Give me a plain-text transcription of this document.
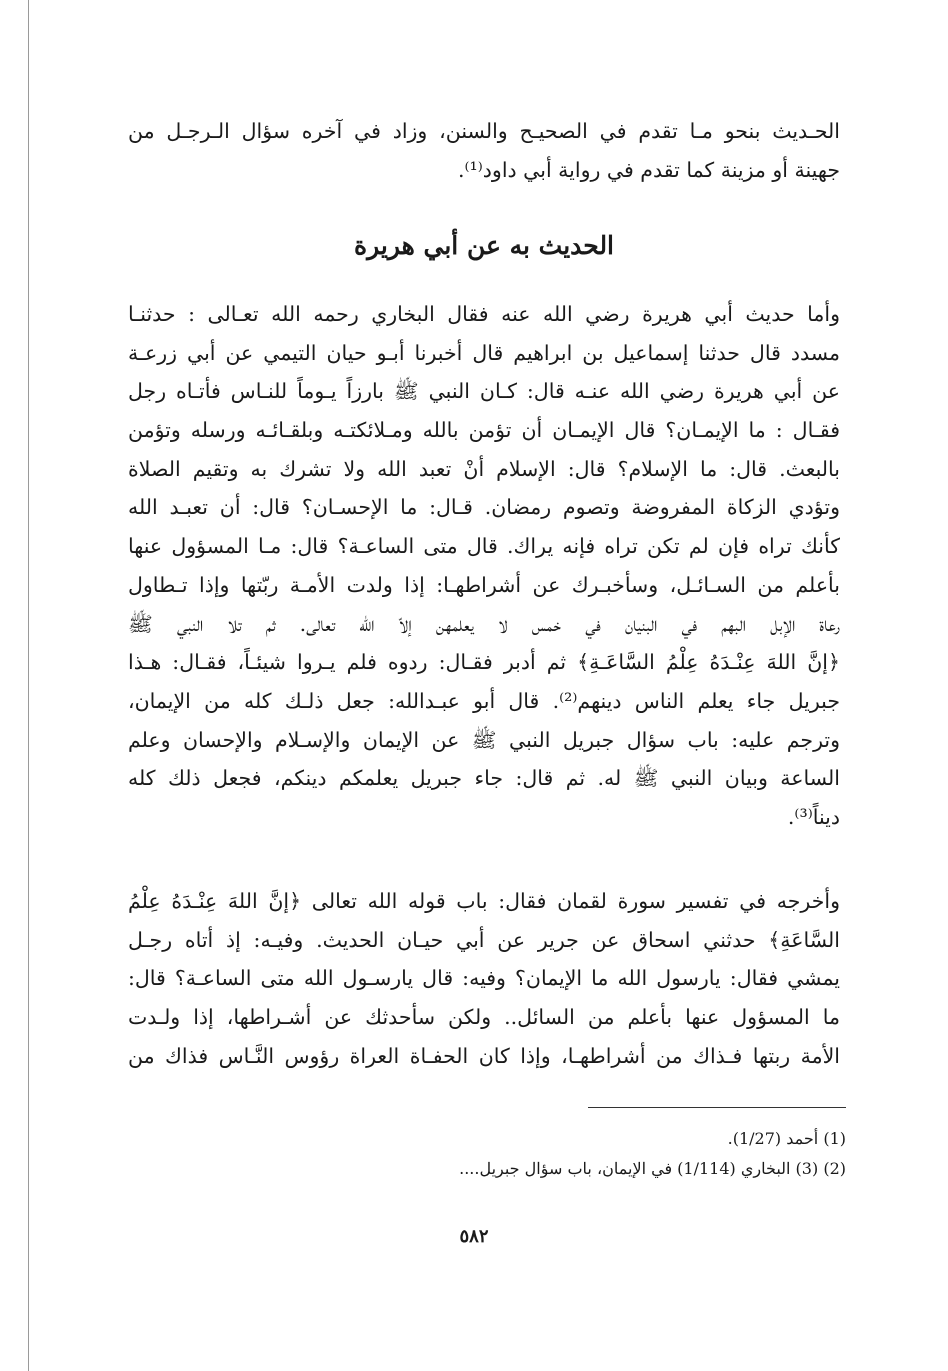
الحـديث بنحو مـا تقدم في الصحيـح والسنن، وزاد في آخره سؤال الـرجـل من
جهينة أو مزينة كما تقدم في رواية أبي داود⁽¹⁾.
الحديث به عن أبي هريرة
وأما حديث أبي هريرة رضي الله عنه فقال البخاري رحمه الله تعـالى : حدثنـا
مسدد قال حدثنا إسماعيل بن ابراهيم قال أخبرنا أبـو حيان التيمي عن أبي زرعـة
عن أبي هريرة رضي الله عنـه قال: كـان النبي ﷺ بارزاً يـوماً للنـاس فأتـاه رجل
فقـال : ما الإيمـان؟ قال الإيمـان أن تؤمن بالله ومـلائكتـه وبلقـائـه ورسله وتؤمن
بالبعث. قال: ما الإسلام؟ قال: الإسلام أنْ تعبد الله ولا تشرك به وتقيم الصلاة
وتؤدي الزكاة المفروضة وتصوم رمضان. قـال: ما الإحسـان؟ قال: أن تعبـد الله
كأنك تراه فإن لم تكن تراه فإنه يراك. قال متى الساعـة؟ قال: مـا المسؤول عنها
بأعلم من السـائـل، وسأخبـرك عن أشراطهـا: إذا ولدت الأمـة ربّتها وإذا تـطاول
رعاة الإبل البهم في البنيان في خمس لا يعلمهن إلاّ الله تعالى. ثم تلا النبي ﷺ
﴿إنَّ اللهَ عِنْـدَهُ عِلْمُ السَّاعَـةِ﴾ ثم أدبر فقـال: ردوه فلم يـروا شيئـاً، فقـال: هـذا
جبريل جاء يعلم الناس دينهم⁽²⁾. قال أبو عبـدالله: جعل ذلـك كله من الإيمان،
وترجم عليه: باب سؤال جبريل النبي ﷺ عن الإيمان والإسـلام والإحسان وعلم
الساعة وبيان النبي ﷺ له. ثم قال: جاء جبريل يعلمكم دينكم، فجعل ذلك كله
ديناً⁽³⁾.
وأخرجه في تفسير سورة لقمان فقال: باب قوله الله تعالى ﴿إنَّ اللهَ عِنْـدَهُ عِلْمُ
السَّاعَةِ﴾ حدثني اسحاق عن جرير عن أبي حيـان الحديث. وفيـه: إذ أتاه رجـل
يمشي فقال: يارسول الله ما الإيمان؟ وفيه: قال يارسـول الله متى الساعـة؟ قال:
ما المسؤول عنها بأعلم من السائل.. ولكن سأحدثك عن أشـراطها، إذا ولـدت
الأمة ربتها فـذاك من أشراطهـا، وإذا كان الحفـاة العراة رؤوس النَّـاس فذاك من
(1) أحمد (1/27).
(2) (3) البخاري (1/114) في الإيمان، باب سؤال جبريل....
٥٨٢
